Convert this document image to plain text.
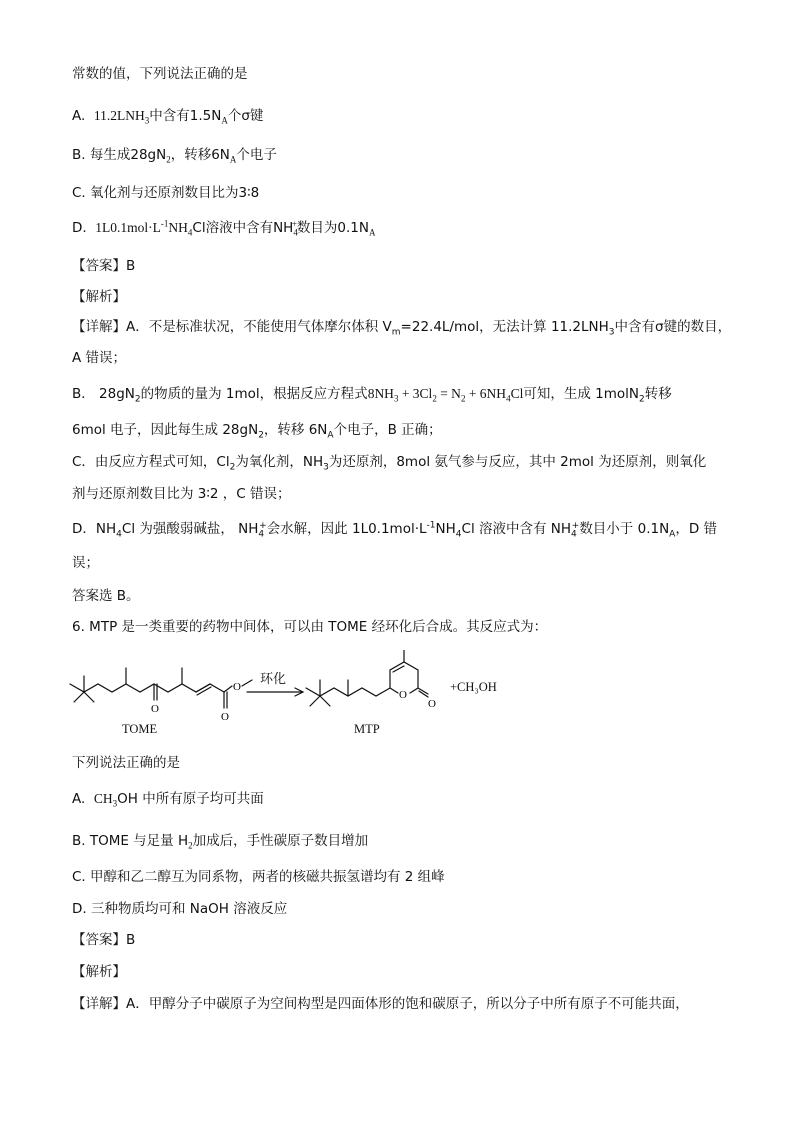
常数的值，下列说法正确的是
A. $11.2LNH_3$中含有$1.5N_A$个σ键
B. 每生成$28gN_2$，转移$6N_A$个电子
C. 氧化剂与还原剂数目比为3∶8
D. $1L0.1mol\cdot L^{-1}NH_4Cl$溶液中含有$NH_4^+$数目为$0.1N_A$
【答案】B
【解析】
【详解】A．不是标准状况，不能使用气体摩尔体积 $V_m=22.4L$/mol，无法计算 $11.2LNH_3$中含有σ键的数目，
A 错误；
B． $28gN_2$的物质的量为 1mol，根据反应方程式$8NH_3 + 3Cl_2 = N_2 + 6NH_4Cl$可知，生成 1molN$_2$转移
6mol 电子，因此每生成 $28gN_2$，转移 $6N_A$个电子，B 正确；
C．由反应方程式可知，$Cl_2$为氧化剂，$NH_3$为还原剂，8mol 氨气参与反应，其中 2mol 为还原剂，则氧化
剂与还原剂数目比为 3∶2 ，C 错误；
D．$NH_4Cl$ 为强酸弱碱盐， $NH_4^+$会水解，因此 $1L0.1mol\cdot L^{-1}NH_4Cl$ 溶液中含有 $NH_4^+$数目小于 $0.1N_A$，D 错
误；
答案选 B。
6. MTP 是一类重要的药物中间体，可以由 TOME 经环化后合成。其反应式为：
O
O
O
O
O
环化
TOME	MTP
+CH₃OH
下列说法正确的是
A. $CH_3OH$ 中所有原子均可共面
B. TOME 与足量 $H_2$加成后，手性碳原子数目增加
C. 甲醇和乙二醇互为同系物，两者的核磁共振氢谱均有 2 组峰
D. 三种物质均可和 NaOH 溶液反应
【答案】B
【解析】
【详解】A．甲醇分子中碳原子为空间构型是四面体形的饱和碳原子，所以分子中所有原子不可能共面，
